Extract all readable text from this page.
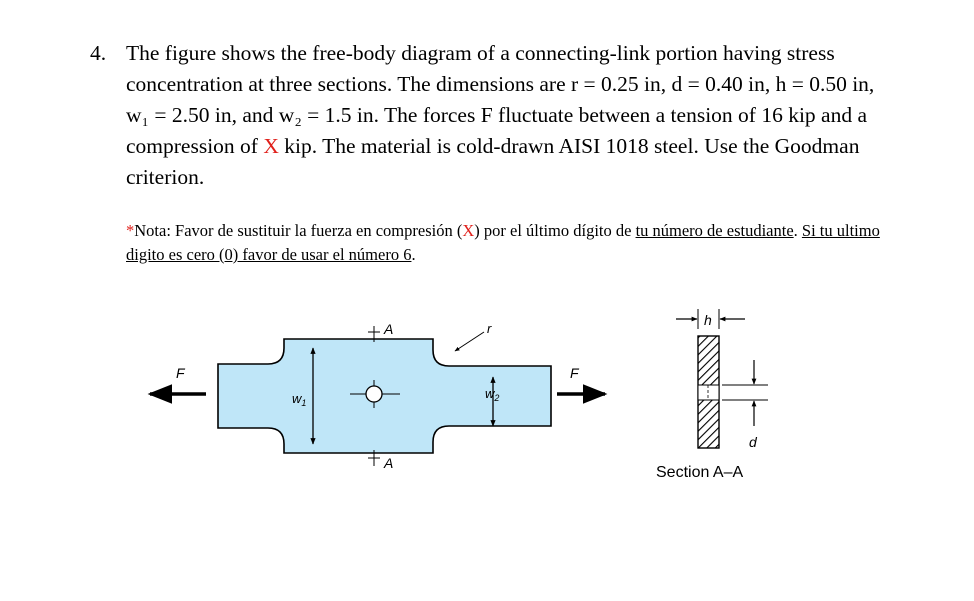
4. The figure shows the free-body diagram of a connecting-link portion having stress concentration at three sections. The dimensions are r = 0.25 in, d = 0.40 in, h = 0.50 in, w₁ = 2.50 in, and w₂ = 1.5 in. The forces F fluctuate between a tension of 16 kip and a compression of X kip. The material is cold-drawn AISI 1018 steel. Use the Goodman criterion.
*Nota: Favor de sustituir la fuerza en compresión (X) por el último dígito de tu número de estudiante. Si tu ultimo digito es cero (0) favor de usar el número 6.
F	F
$w_1$
A
A
r
$w_2$
h
d
Section A–A
